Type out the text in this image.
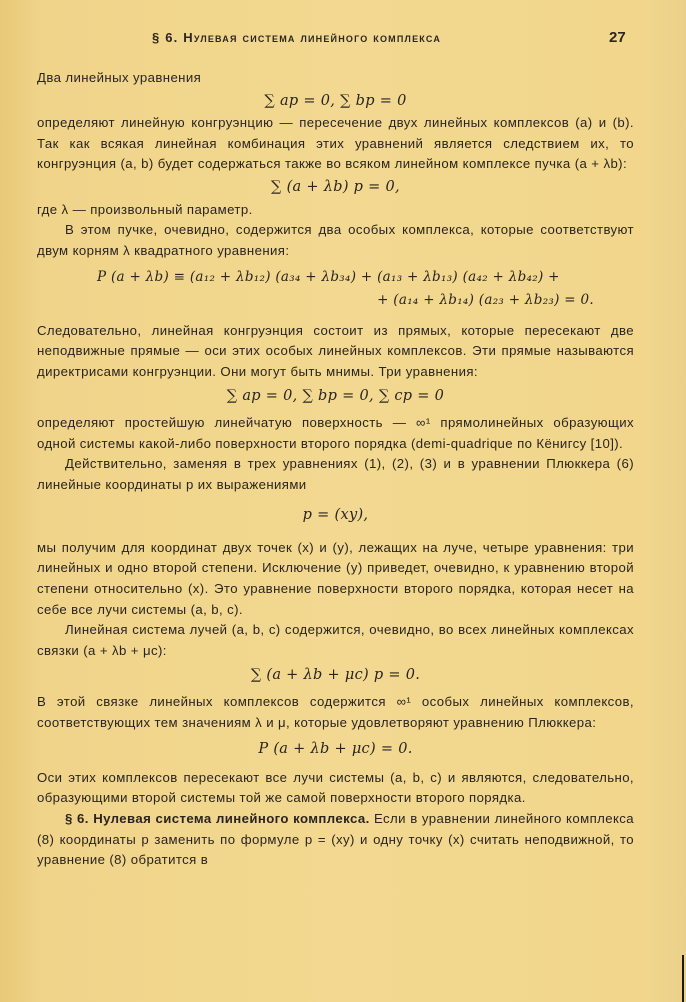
§ 6. Нулевая система линейного комплекса	27

Два линейных уравнения

∑ ap = 0, ∑ bp = 0

определяют линейную конгруэнцию — пересечение двух линейных комплексов (a) и (b). Так как всякая линейная комбинация этих уравнений является следствием их, то конгруэнция (a, b) будет содержаться также во всяком линейном комплексе пучка (a + λb):

∑ (a + λb) p = 0,

где λ — произвольный параметр.

В этом пучке, очевидно, содержится два особых комплекса, которые соответствуют двум корням λ квадратного уравнения:

P (a + λb) ≡ (a₁₂ + λb₁₂) (a₃₄ + λb₃₄) + (a₁₃ + λb₁₃) (a₄₂ + λb₄₂) +
+ (a₁₄ + λb₁₄) (a₂₃ + λb₂₃) = 0.

Следовательно, линейная конгруэнция состоит из прямых, которые пересекают две неподвижные прямые — оси этих особых линейных комплексов. Эти прямые называются директрисами конгруэнции. Они могут быть мнимы. Три уравнения:

∑ ap = 0, ∑ bp = 0, ∑ cp = 0

определяют простейшую линейчатую поверхность — ∞¹ прямолинейных образующих одной системы какой-либо поверхности второго порядка (demi-quadrique по Кёнигсу [10]).

Действительно, заменяя в трех уравнениях (1), (2), (3) и в уравнении Плюккера (6) линейные координаты p их выражениями

p = (xy),

мы получим для координат двух точек (x) и (y), лежащих на луче, четыре уравнения: три линейных и одно второй степени. Исключение (y) приведет, очевидно, к уравнению второй степени относительно (x). Это уравнение поверхности второго порядка, которая несет на себе все лучи системы (a, b, c).

Линейная система лучей (a, b, c) содержится, очевидно, во всех линейных комплексах связки (a + λb + μc):

∑ (a + λb + μc) p = 0.

В этой связке линейных комплексов содержится ∞¹ особых линейных комплексов, соответствующих тем значениям λ и μ, которые удовлетворяют уравнению Плюккера:

P (a + λb + μc) = 0.

Оси этих комплексов пересекают все лучи системы (a, b, c) и являются, следовательно, образующими второй системы той же самой поверхности второго порядка.

§ 6. Нулевая система линейного комплекса. Если в уравнении линейного комплекса (8) координаты p заменить по формуле p = (xy) и одну точку (x) считать неподвижной, то уравнение (8) обратится в
